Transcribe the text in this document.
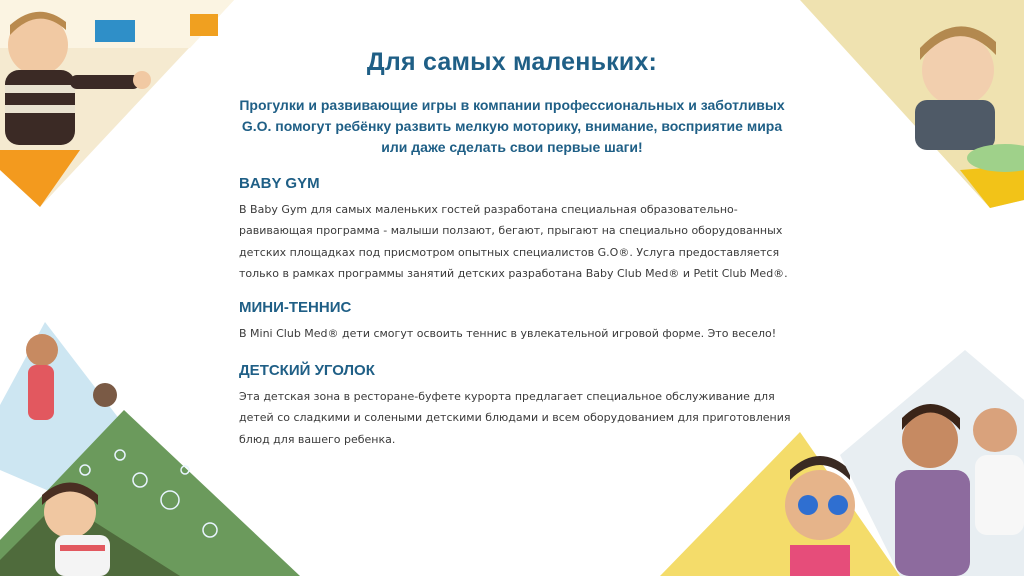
Для самых маленьких:

Прогулки и развивающие игры в компании профессиональных и заботливых G.O. помогут ребёнку развить мелкую моторику, внимание, восприятие мира или даже сделать свои первые шаги!

BABY GYM

В Baby Gym для самых маленьких гостей разработана специальная образовательно-равивающая программа - малыши ползают, бегают, прыгают на специально оборудованных детских площадках под присмотром опытных специалистов G.O®. Услуга предоставляется только в рамках программы занятий детских разработана Baby Club Med® и Petit Club Med®.

МИНИ-ТЕННИС

В Mini Club Med® дети смогут освоить теннис в увлекательной игровой форме. Это весело!

ДЕТСКИЙ УГОЛОК

Эта детская зона в ресторане-буфете курорта предлагает специальное обслуживание для детей со сладкими и солеными детскими блюдами и всем оборудованием для приготовления блюд для вашего ребенка.
